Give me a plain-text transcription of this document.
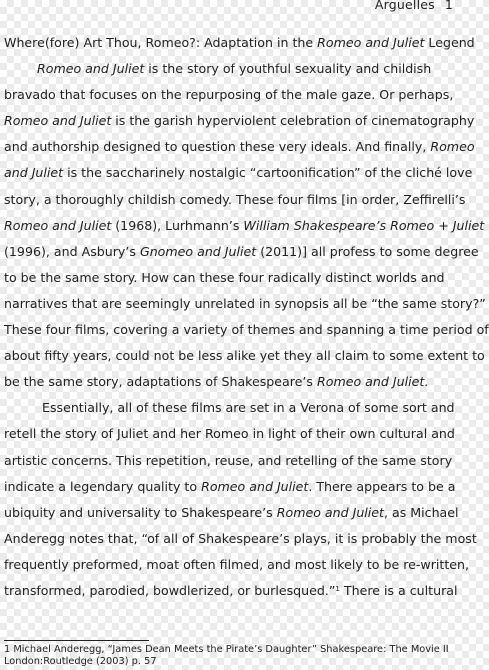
Arguelles 1
Where(fore) Art Thou, Romeo?: Adaptation in the Romeo and Juliet Legend
Romeo and Juliet is the story of youthful sexuality and childish
bravado that focuses on the repurposing of the male gaze. Or perhaps,
Romeo and Juliet is the garish hyperviolent celebration of cinematography
and authorship designed to question these very ideals. And finally, Romeo
and Juliet is the saccharinely nostalgic “cartoonification” of the cliché love
story, a thoroughly childish comedy. These four films [in order, Zeffirelli’s
Romeo and Juliet (1968), Lurhmann’s William Shakespeare’s Romeo + Juliet
(1996), and Asbury’s Gnomeo and Juliet (2011)] all profess to some degree
to be the same story. How can these four radically distinct worlds and
narratives that are seemingly unrelated in synopsis all be “the same story?”
These four films, covering a variety of themes and spanning a time period of
about fifty years, could not be less alike yet they all claim to some extent to
be the same story, adaptations of Shakespeare’s Romeo and Juliet.
Essentially, all of these films are set in a Verona of some sort and
retell the story of Juliet and her Romeo in light of their own cultural and
artistic concerns. This repetition, reuse, and retelling of the same story
indicate a legendary quality to Romeo and Juliet. There appears to be a
ubiquity and universality to Shakespeare’s Romeo and Juliet, as Michael
Anderegg notes that, “of all of Shakespeare’s plays, it is probably the most
frequently preformed, moat often filmed, and most likely to be re-written,
transformed, parodied, bowdlerized, or burlesqued.”$^1$ There is a cultural
1 Michael Anderegg, “James Dean Meets the Pirate’s Daughter” Shakespeare: The Movie II
London:Routledge (2003) p. 57
